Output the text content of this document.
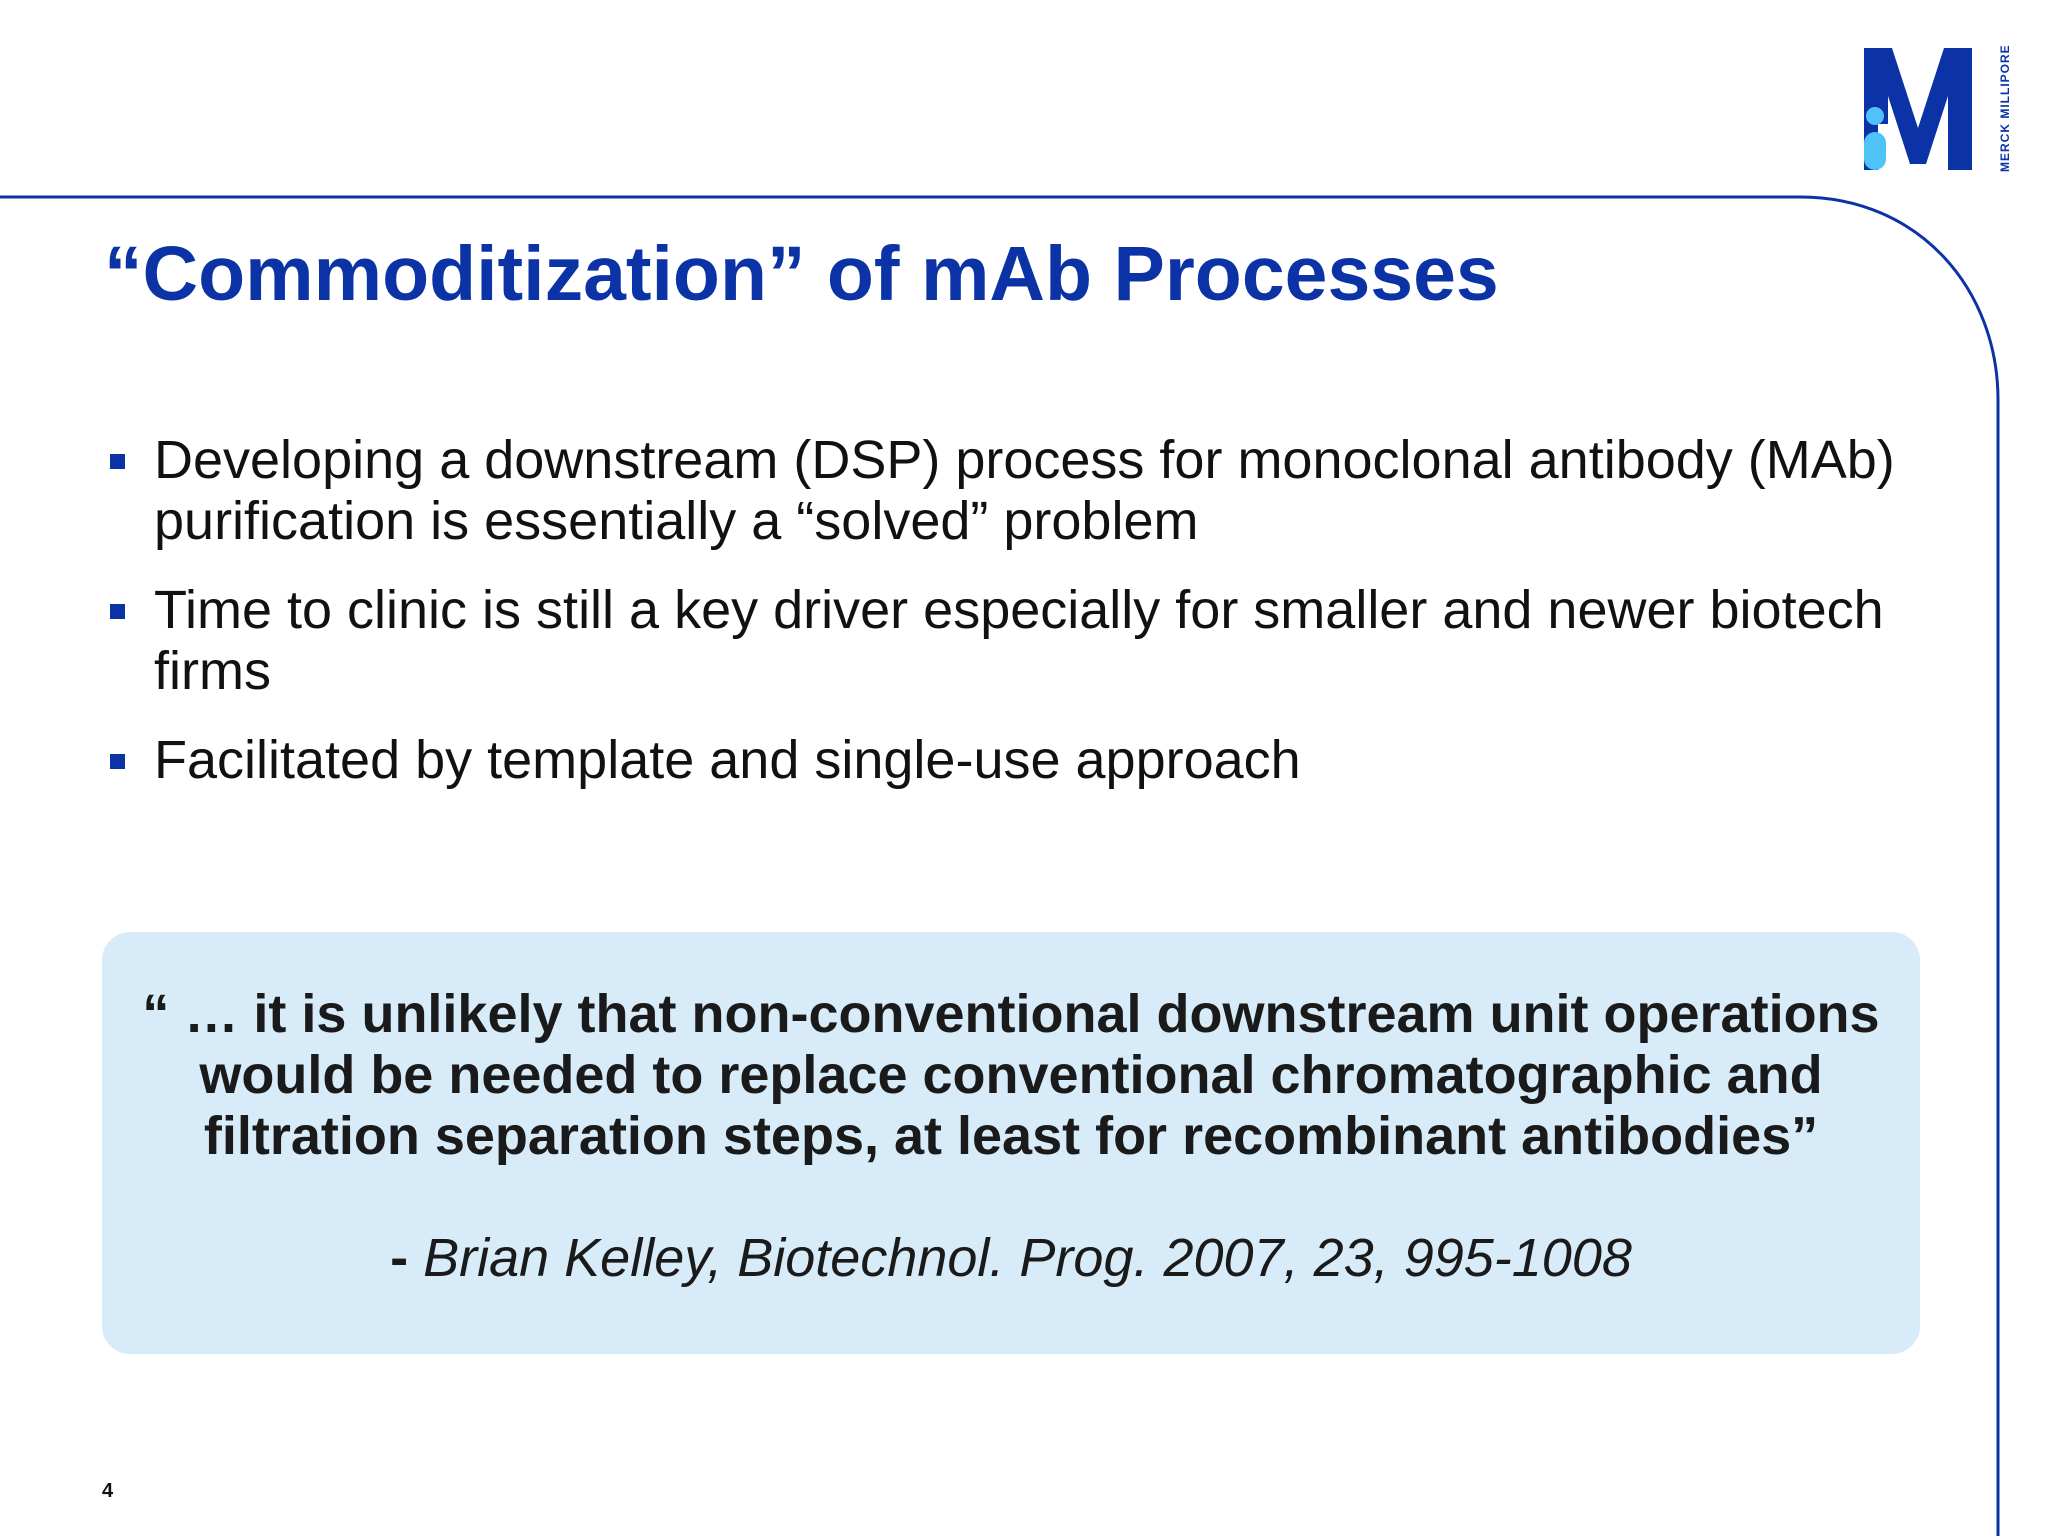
MERCK MILLIPORE
“Commoditization” of mAb Processes
Developing a downstream (DSP) process for monoclonal antibody (MAb) purification is essentially a “solved” problem
Time to clinic is still a key driver especially for smaller and newer biotech firms
Facilitated by template and single-use approach

“ … it is unlikely that non-conventional downstream unit operations would be needed to replace conventional chromatographic and filtration separation steps, at least for recombinant antibodies”

- Brian Kelley, Biotechnol. Prog. 2007, 23, 995-1008

4
